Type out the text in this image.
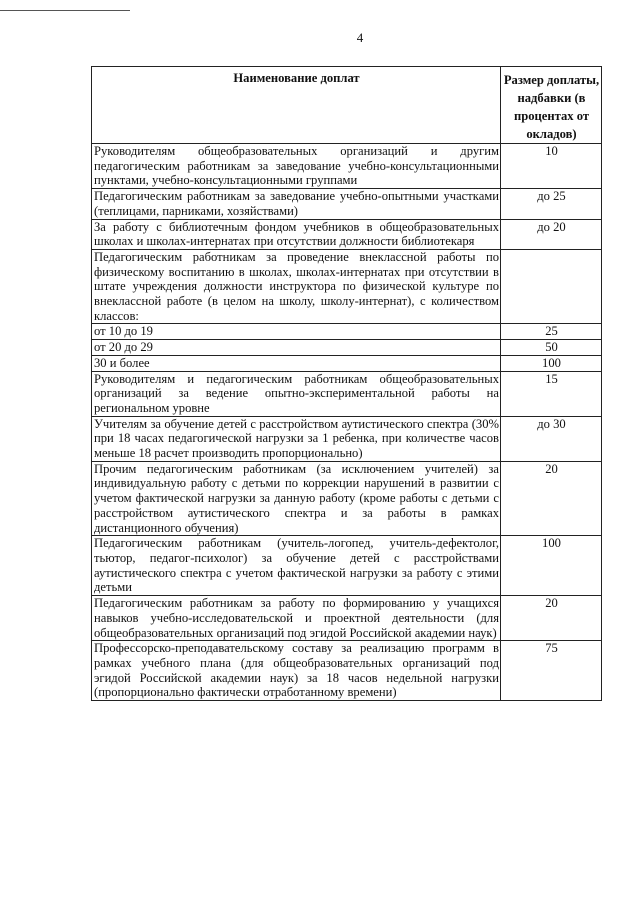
4
Наименование доплат	Размер доплаты, надбавки (в процентах от окладов)
Руководителям общеобразовательных организаций и другим педагогическим работникам за заведование учебно-консультационными пунктами, учебно-консультационными группами	10
Педагогическим работникам за заведование учебно-опытными участками (теплицами, парниками, хозяйствами)	до 25
За работу с библиотечным фондом учебников в общеобразовательных школах и школах-интернатах при отсутствии должности библиотекаря	до 20
Педагогическим работникам за проведение внеклассной работы по физическому воспитанию в школах, школах-интернатах при отсутствии в штате учреждения должности инструктора по физической культуре по внеклассной работе (в целом на школу, школу-интернат), с количеством классов:	
от 10 до 19	25
от 20 до 29	50
30 и более	100
Руководителям и педагогическим работникам общеобразовательных организаций за ведение опытно-экспериментальной работы на региональном уровне	15
Учителям за обучение детей с расстройством аутистического спектра (30% при 18 часах педагогической нагрузки за 1 ребенка, при количестве часов меньше 18 расчет производить пропорционально)	до 30
Прочим педагогическим работникам (за исключением учителей) за индивидуальную работу с детьми по коррекции нарушений в развитии с учетом фактической нагрузки за данную работу (кроме работы с детьми с расстройством аутистического спектра и за работы в рамках дистанционного обучения)	20
Педагогическим работникам (учитель-логопед, учитель-дефектолог, тьютор, педагог-психолог) за обучение детей с расстройствами аутистического спектра с учетом фактической нагрузки за работу с этими детьми	100
Педагогическим работникам за работу по формированию у учащихся навыков учебно-исследовательской и проектной деятельности (для общеобразовательных организаций под эгидой Российской академии наук)	20
Профессорско-преподавательскому составу за реализацию программ в рамках учебного плана (для общеобразовательных организаций под эгидой Российской академии наук) за 18 часов недельной нагрузки (пропорционально фактически отработанному времени)	75
